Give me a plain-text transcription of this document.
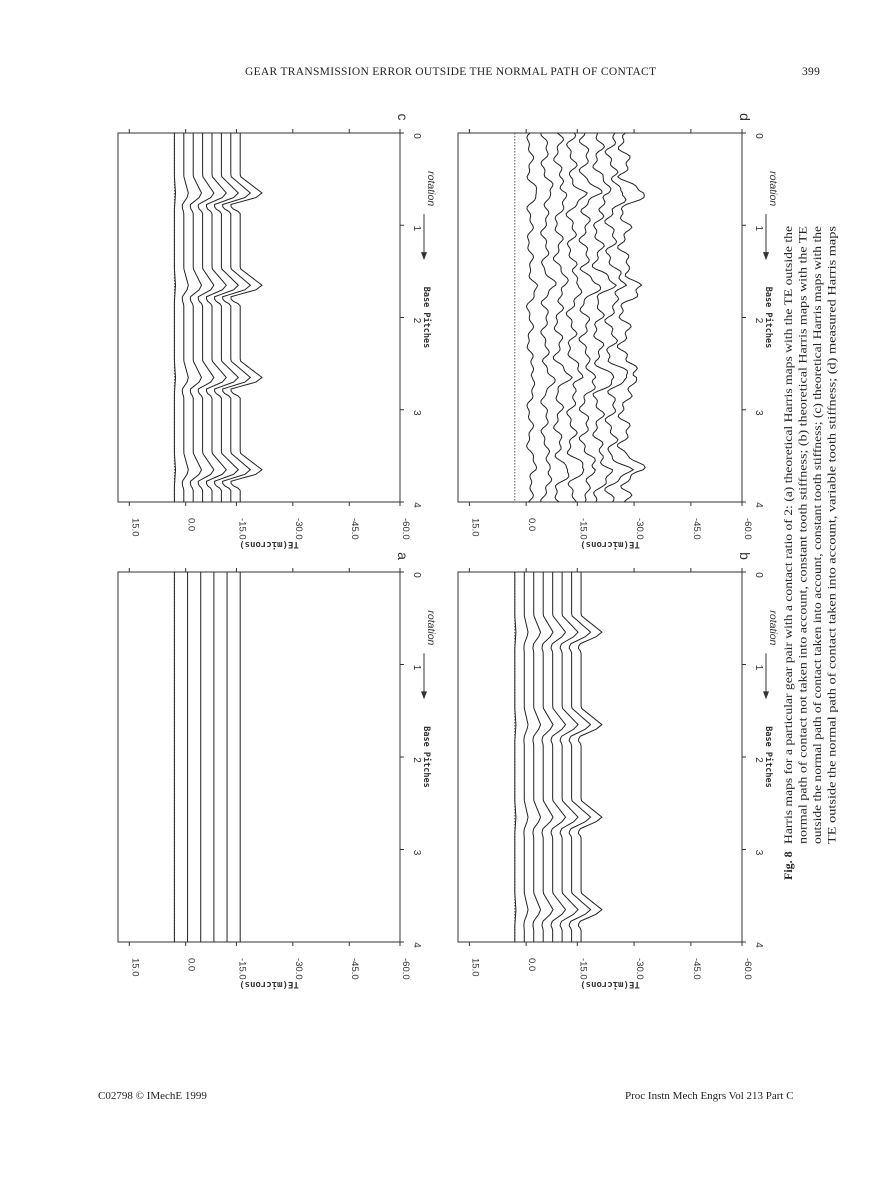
GEAR TRANSMISSION ERROR OUTSIDE THE NORMAL PATH OF CONTACT	399
15.0	0.0	-15.0	-30.0	-45.0	-60.0
TE(microns)
0
1
2
3
4
Base Pitches
rotation
a
15.0	0.0	-15.0	-30.0	-45.0	-60.0
TE(microns)
0
1
2
3
4
Base Pitches
rotation
b
15.0	0.0	-15.0	-30.0	-45.0	-60.0
TE(microns)
0
1
2
3
4
Base Pitches
rotation
c
15.0	0.0	-15.0	-30.0	-45.0	-60.0
TE(microns)
0
1
2
3
4
Base Pitches
rotation
d
Fig. 8
Harris maps for a particular gear pair with a contact ratio of 2: (a) theoretical Harris maps with the TE outside the normal path of contact not taken into account, constant tooth stiffness; (b) theoretical Harris maps with the TE outside the normal path of contact taken into account, constant tooth stiffness; (c) theoretical Harris maps with the TE outside the normal path of contact taken into account, variable tooth stiffness; (d) measured Harris maps
C02798 © IMechE 1999	Proc Instn Mech Engrs Vol 213 Part C
